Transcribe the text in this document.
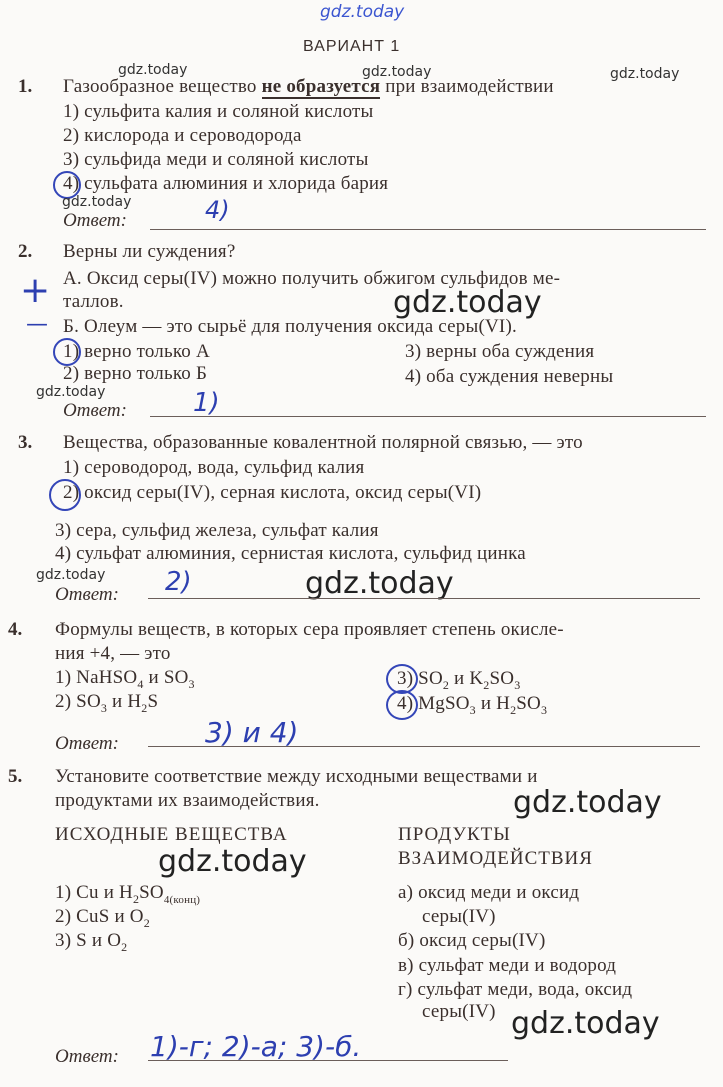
gdz.today
ВАРИАНТ 1
gdz.today	gdz.today	gdz.today
1. Газообразное вещество не образуется при взаимодействии
1) сульфита калия и соляной кислоты
2) кислорода и сероводорода
3) сульфида меди и соляной кислоты
4) сульфата алюминия и хлорида бария
gdz.today
Ответ:	4)
2. Верны ли суждения?
+ А. Оксид серы(IV) можно получить обжигом сульфидов ме-
таллов.	gdz.today
— Б. Олеум — это сырьё для получения оксида серы(VI).
1) верно только А	3) верны оба суждения
2) верно только Б	4) оба суждения неверны
gdz.today
Ответ:	1)
3. Вещества, образованные ковалентной полярной связью, — это
1) сероводород, вода, сульфид калия
2) оксид серы(IV), серная кислота, оксид серы(VI)
3) сера, сульфид железа, сульфат калия
4) сульфат алюминия, сернистая кислота, сульфид цинка
gdz.today	gdz.today
Ответ: 2)
4. Формулы веществ, в которых сера проявляет степень окисле-
ния +4, — это
1) NaHSO$_4$ и $SO_3$
2) $SO_3$ и $H_2S$
3) $SO_2$ и $K_2SO_3$
4) MgSO$_3$ и $H_2SO_3$
Ответ:	3) и 4)
5. Установите соответствие между исходными веществами и
продуктами их взаимодействия.	gdz.today
ИСХОДНЫЕ ВЕЩЕСТВА	ПРОДУКТЫ
ВЗАИМОДЕЙСТВИЯ
gdz.today
1) Cu и $H_2SO_{4(конц)}$
2) CuS и $O_2$
3) S и $O_2$
а) оксид меди и оксид
серы(IV)
б) оксид серы(IV)
в) сульфат меди и водород
г) сульфат меди, вода, оксид
серы(IV) gdz.today
Ответ: 1)-г; 2)-а; 3)-б.
